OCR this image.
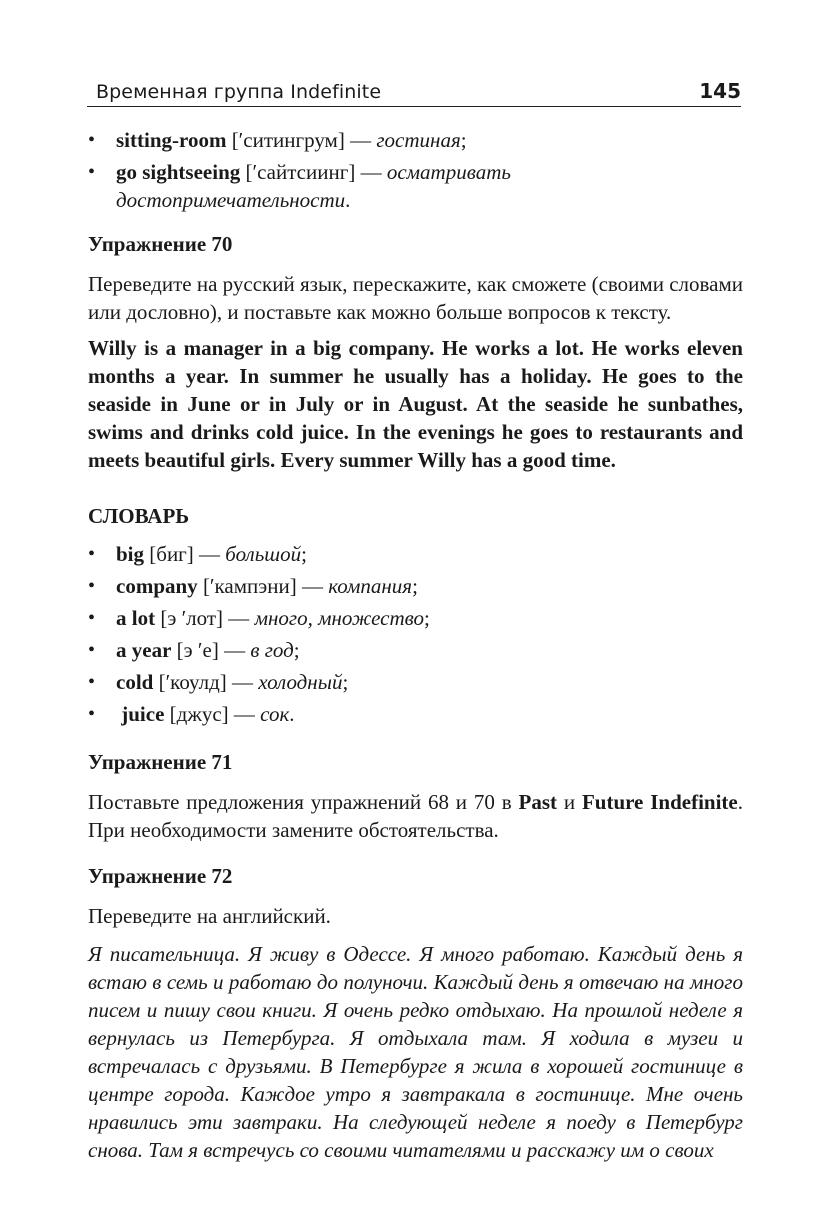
Временная группа Indefinite	145
• sitting-room [ʹситингрум] — гостиная;
• go sightseeing [ʹсайтсиинг] — осматривать достопримечательности.

Упражнение 70

Переведите на русский язык, перескажите, как сможете (своими словами или дословно), и поставьте как можно больше вопросов к тексту.

Willy is a manager in a big company. He works a lot. He works eleven months a year. In summer he usually has a holiday. He goes to the seaside in June or in July or in August. At the seaside he sunbathes, swims and drinks cold juice. In the evenings he goes to restaurants and meets beautiful girls. Every summer Willy has a good time.

СЛОВАРЬ

• big [биг] — большой;
• company [ʹкампэни] — компания;
• a lot [э ʹлот] — много, множество;
• a year [э ʹе] — в год;
• cold [ʹкоулд] — холодный;
•  juice [джус] — сок.

Упражнение 71

Поставьте предложения упражнений 68 и 70 в Past и Future Indefinite. При необходимости замените обстоятельства.

Упражнение 72

Переведите на английский.

Я писательница. Я живу в Одессе. Я много работаю. Каждый день я встаю в семь и работаю до полуночи. Каждый день я отвечаю на много писем и пишу свои книги. Я очень редко отдыхаю. На прошлой неделе я вернулась из Петербурга. Я отдыхала там. Я ходила в музеи и встречалась с друзьями. В Петербурге я жила в хорошей гостинице в центре города. Каждое утро я завтракала в гостинице. Мне очень нравились эти завтраки. На следующей неделе я поеду в Петербург снова. Там я встречусь со своими читателями и расскажу им о своих
